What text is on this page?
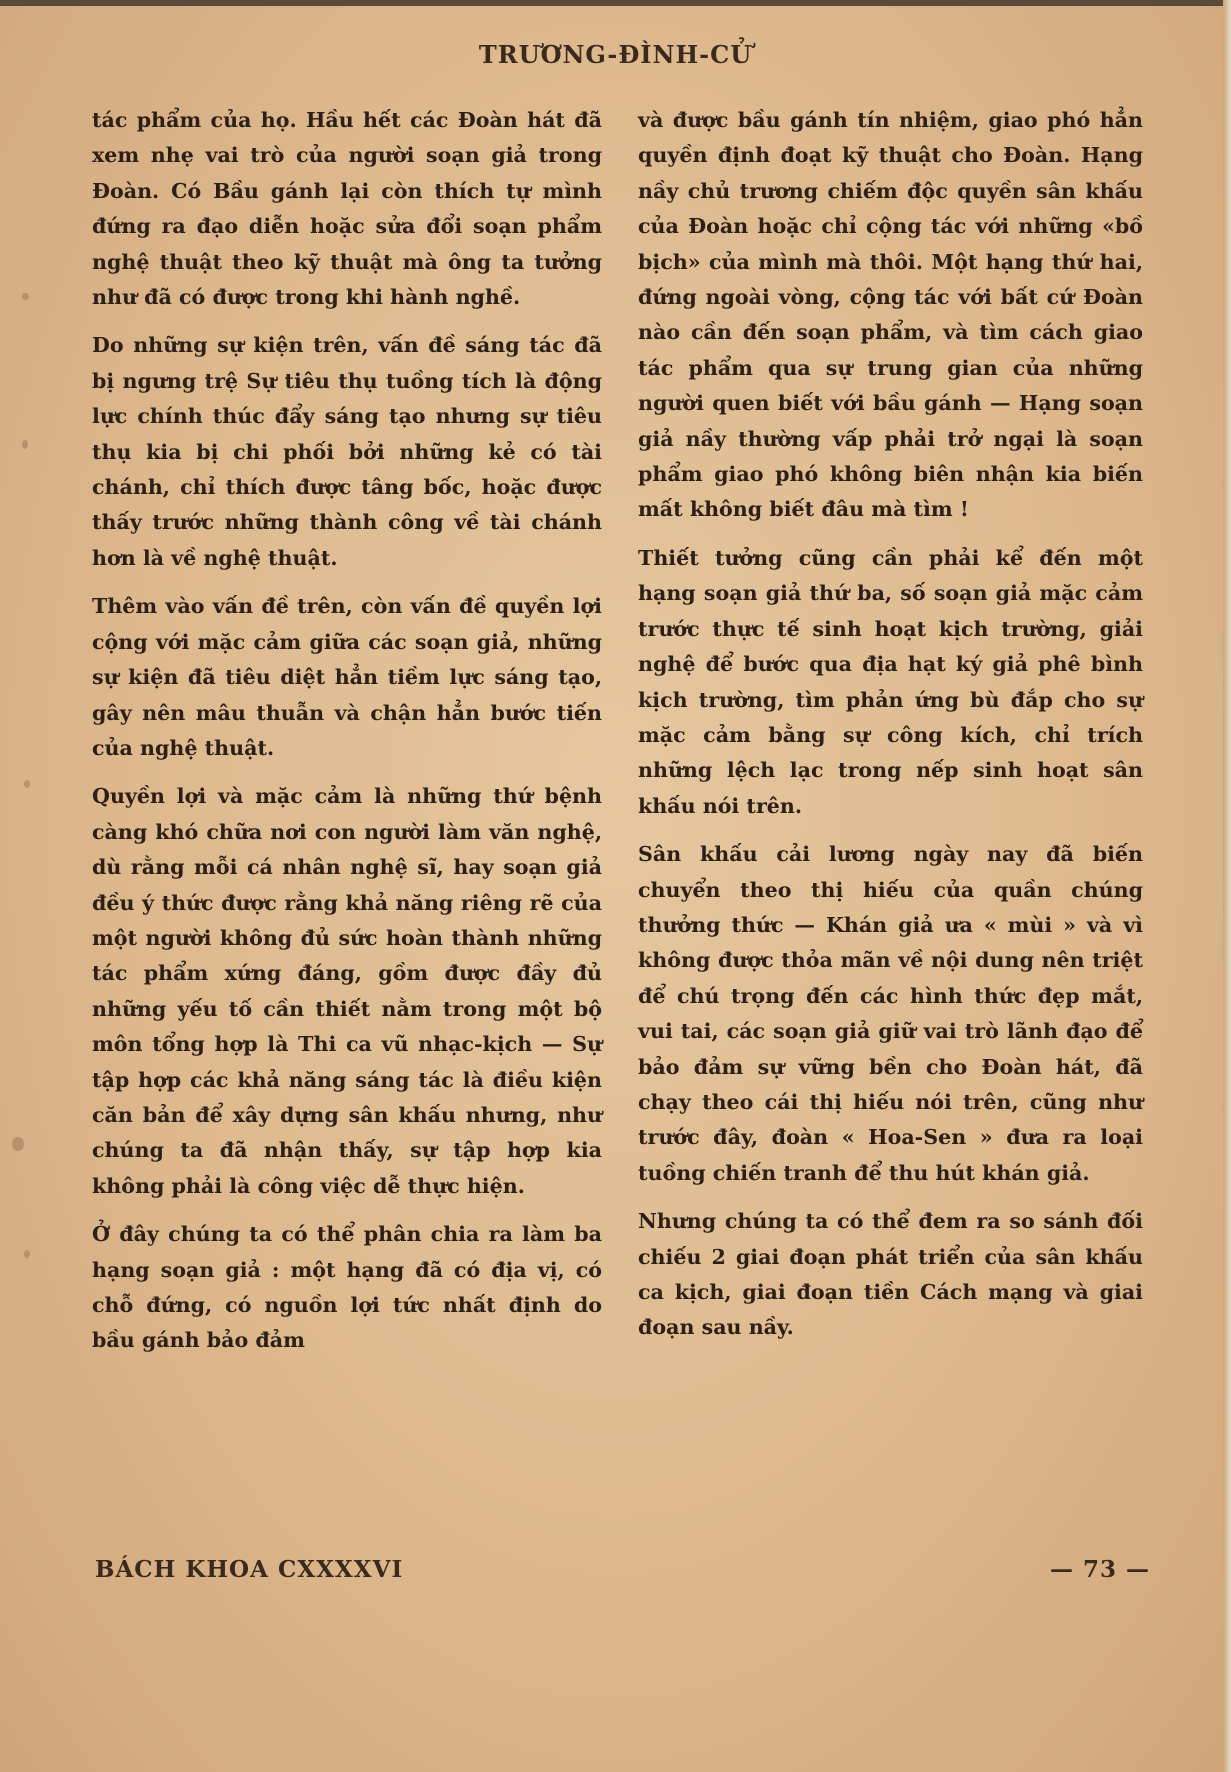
TRƯƠNG-ĐÌNH-CỬ

tác phẩm của họ. Hầu hết các Đoàn hát đã xem nhẹ vai trò của người soạn giả trong Đoàn. Có Bầu gánh lại còn thích tự mình đứng ra đạo diễn hoặc sửa đổi soạn phẩm nghệ thuật theo kỹ thuật mà ông ta tưởng như đã có được trong khi hành nghề.

Do những sự kiện trên, vấn đề sáng tác đã bị ngưng trệ Sự tiêu thụ tuồng tích là động lực chính thúc đẩy sáng tạo nhưng sự tiêu thụ kia bị chi phối bởi những kẻ có tài chánh, chỉ thích được tâng bốc, hoặc được thấy trước những thành công về tài chánh hơn là về nghệ thuật.

Thêm vào vấn đề trên, còn vấn đề quyền lợi cộng với mặc cảm giữa các soạn giả, những sự kiện đã tiêu diệt hẳn tiềm lực sáng tạo, gây nên mâu thuẫn và chận hẳn bước tiến của nghệ thuật.

Quyền lợi và mặc cảm là những thứ bệnh càng khó chữa nơi con người làm văn nghệ, dù rằng mỗi cá nhân nghệ sĩ, hay soạn giả đều ý thức được rằng khả năng riêng rẽ của một người không đủ sức hoàn thành những tác phẩm xứng đáng, gồm được đầy đủ những yếu tố cần thiết nằm trong một bộ môn tổng hợp là Thi ca vũ nhạc-kịch — Sự tập hợp các khả năng sáng tác là điều kiện căn bản để xây dựng sân khấu nhưng, như chúng ta đã nhận thấy, sự tập hợp kia không phải là công việc dễ thực hiện.

Ở đây chúng ta có thể phân chia ra làm ba hạng soạn giả : một hạng đã có địa vị, có chỗ đứng, có nguồn lợi tức nhất định do bầu gánh bảo đảm

và được bầu gánh tín nhiệm, giao phó hẳn quyền định đoạt kỹ thuật cho Đoàn. Hạng nầy chủ trương chiếm độc quyền sân khấu của Đoàn hoặc chỉ cộng tác với những «bồ bịch» của mình mà thôi. Một hạng thứ hai, đứng ngoài vòng, cộng tác với bất cứ Đoàn nào cần đến soạn phẩm, và tìm cách giao tác phẩm qua sự trung gian của những người quen biết với bầu gánh — Hạng soạn giả nầy thường vấp phải trở ngại là soạn phẩm giao phó không biên nhận kia biến mất không biết đâu mà tìm !

Thiết tưởng cũng cần phải kể đến một hạng soạn giả thứ ba, số soạn giả mặc cảm trước thực tế sinh hoạt kịch trường, giải nghệ để bước qua địa hạt ký giả phê bình kịch trường, tìm phản ứng bù đắp cho sự mặc cảm bằng sự công kích, chỉ trích những lệch lạc trong nếp sinh hoạt sân khấu nói trên.

Sân khấu cải lương ngày nay đã biến chuyển theo thị hiếu của quần chúng thưởng thức — Khán giả ưa « mùi » và vì không được thỏa mãn về nội dung nên triệt để chú trọng đến các hình thức đẹp mắt, vui tai, các soạn giả giữ vai trò lãnh đạo để bảo đảm sự vững bền cho Đoàn hát, đã chạy theo cái thị hiếu nói trên, cũng như trước đây, đoàn « Hoa-Sen » đưa ra loại tuồng chiến tranh để thu hút khán giả.

Nhưng chúng ta có thể đem ra so sánh đối chiếu 2 giai đoạn phát triển của sân khấu ca kịch, giai đoạn tiền Cách mạng và giai đoạn sau nầy.

BÁCH KHOA CXXXXVI	— 73 —
